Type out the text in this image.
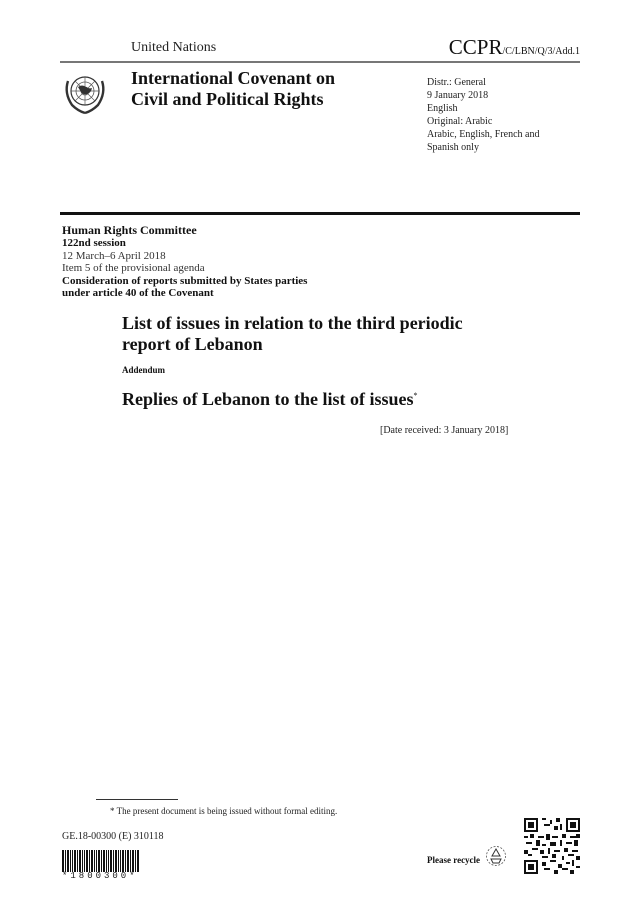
United Nations	CCPR/C/LBN/Q/3/Add.1
International Covenant on
Civil and Political Rights
Distr.: General
9 January 2018
English
Original: Arabic
Arabic, English, French and
Spanish only
Human Rights Committee
122nd session
12 March–6 April 2018
Item 5 of the provisional agenda
Consideration of reports submitted by States parties
under article 40 of the Covenant
List of issues in relation to the third periodic
report of Lebanon
Addendum
Replies of Lebanon to the list of issues*
[Date received: 3 January 2018]
* The present document is being issued without formal editing.
GE.18-00300 (E) 310118
*1800300*
Please recycle
